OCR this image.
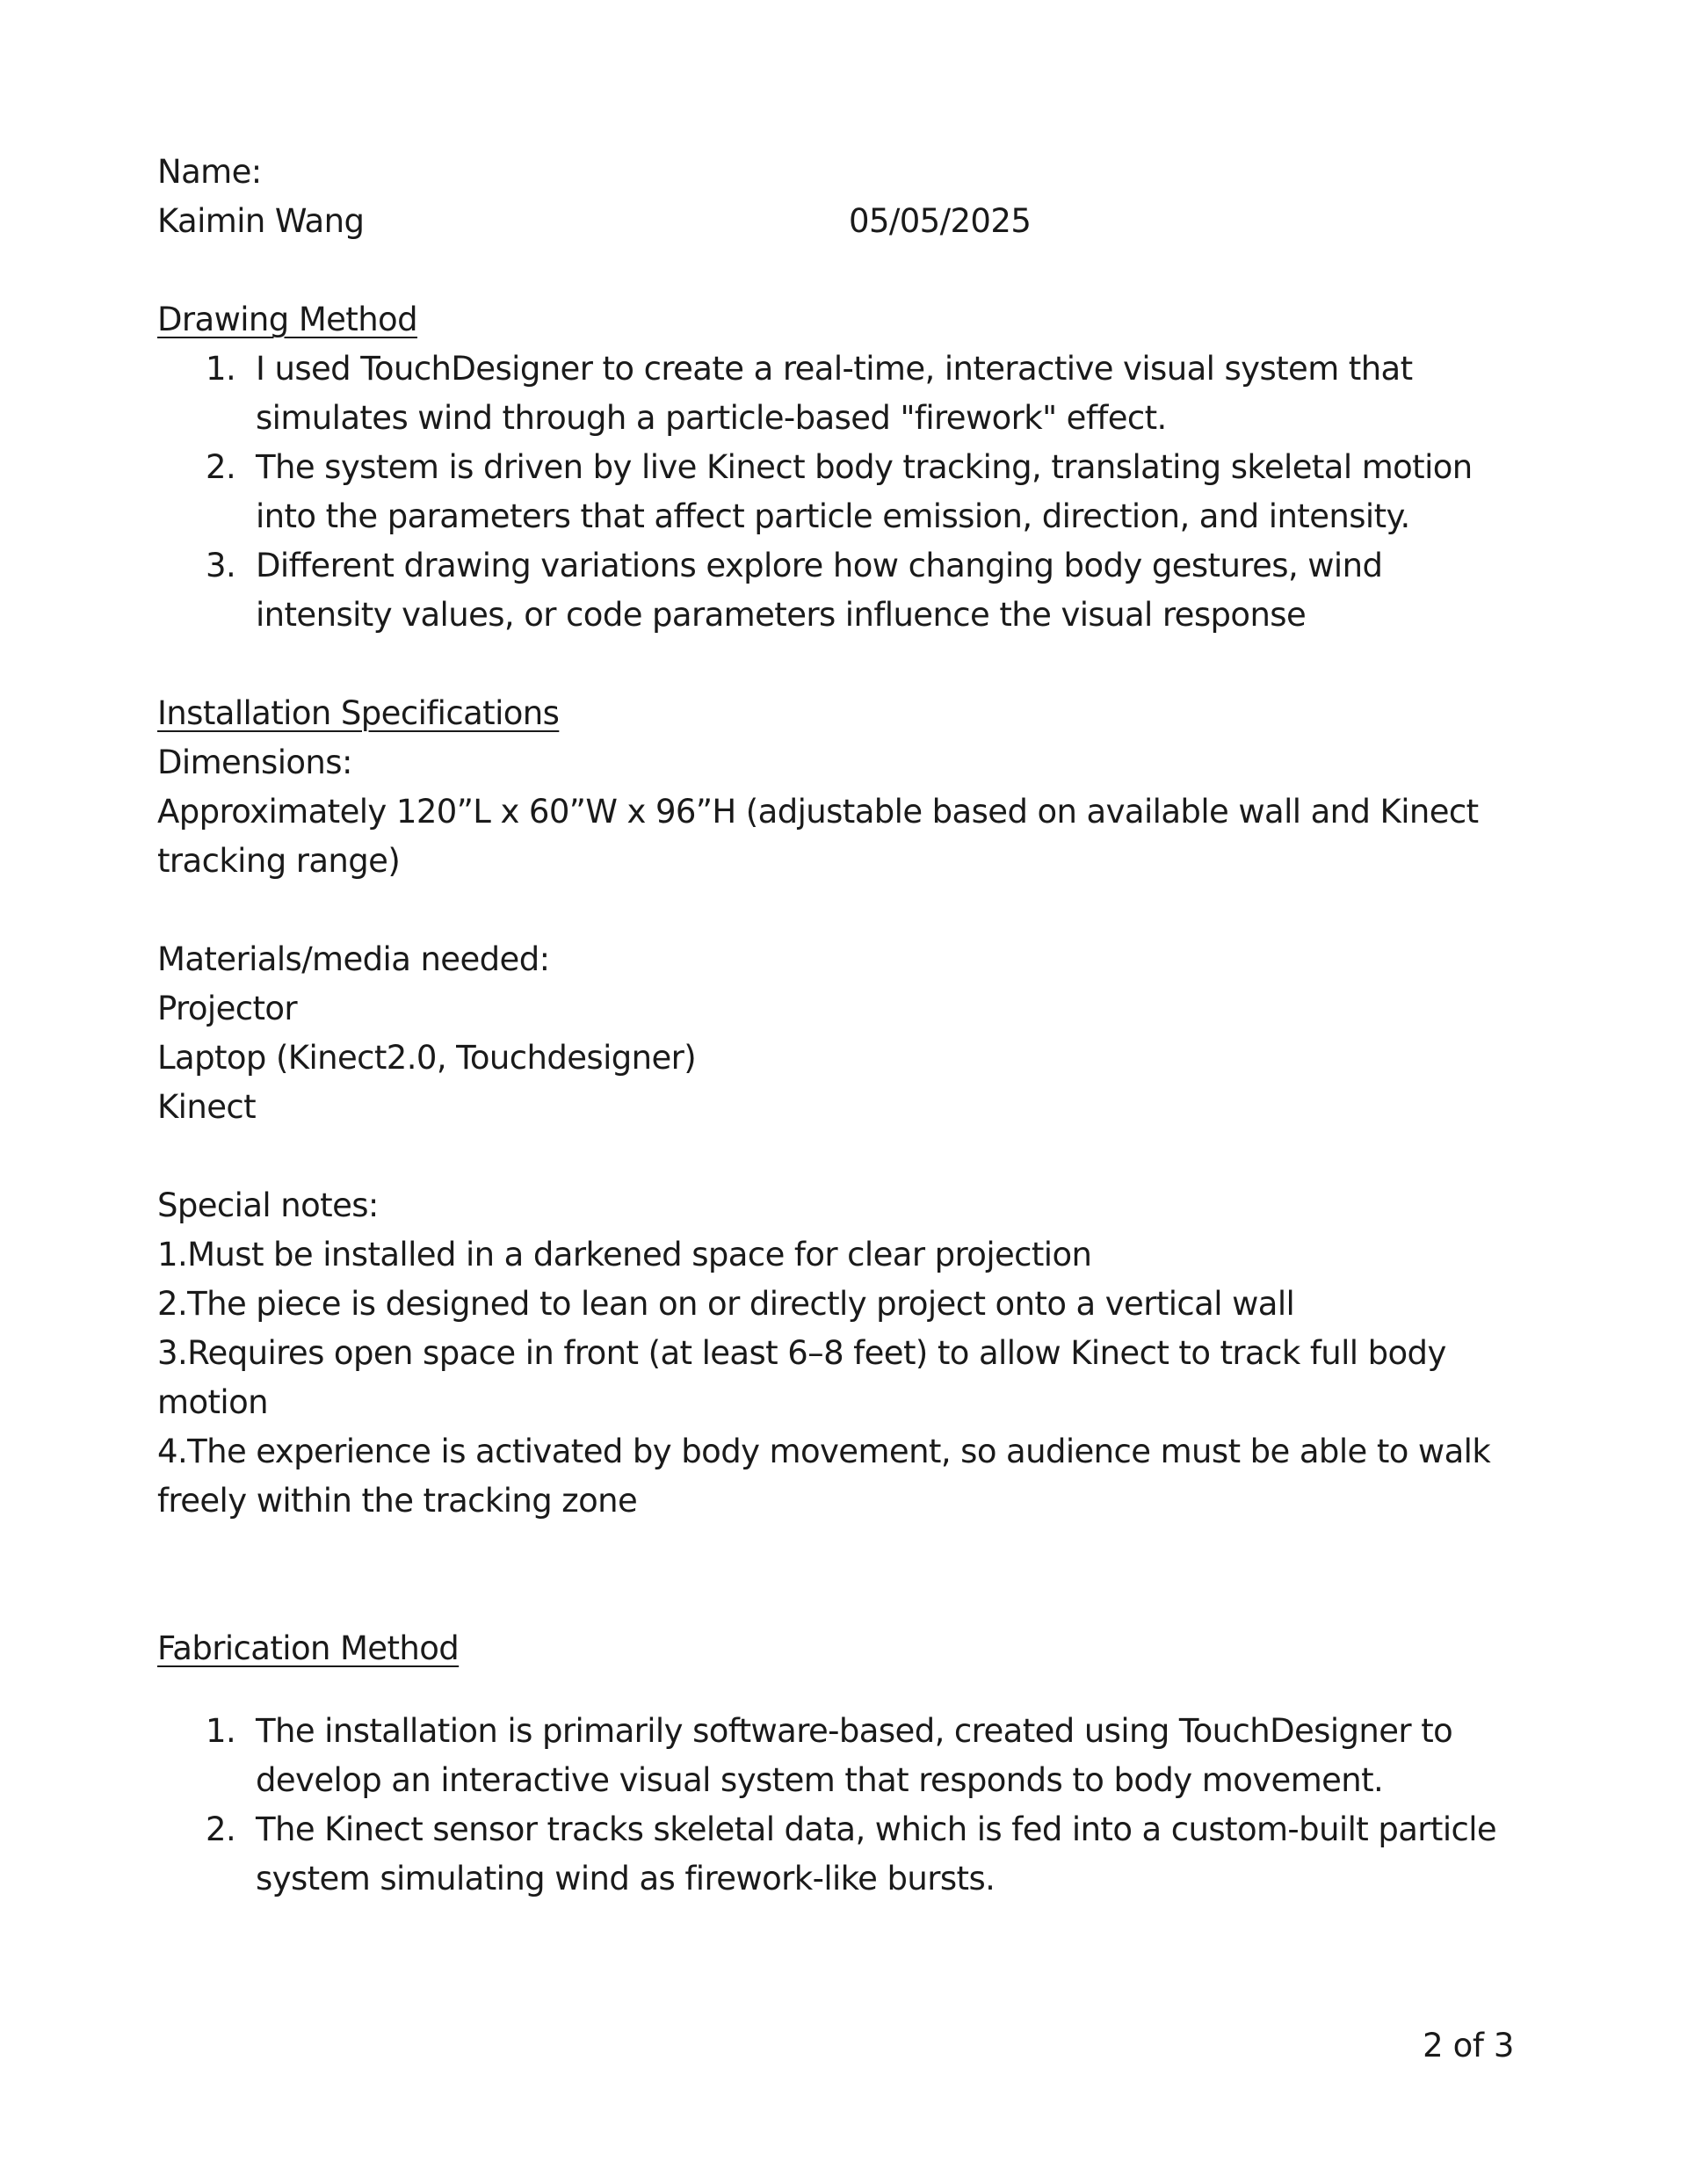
Name:
Kaimin Wang	05/05/2025
Drawing Method
1. I used TouchDesigner to create a real-time, interactive visual system that simulates wind through a particle-based "firework" effect.
2. The system is driven by live Kinect body tracking, translating skeletal motion into the parameters that affect particle emission, direction, and intensity.
3. Different drawing variations explore how changing body gestures, wind intensity values, or code parameters influence the visual response
Installation Specifications
Dimensions:
Approximately 120”L x 60”W x 96”H (adjustable based on available wall and Kinect tracking range)
Materials/media needed:
Projector
Laptop (Kinect2.0, Touchdesigner)
Kinect
Special notes:
1.Must be installed in a darkened space for clear projection
2.The piece is designed to lean on or directly project onto a vertical wall
3.Requires open space in front (at least 6–8 feet) to allow Kinect to track full body motion
4.The experience is activated by body movement, so audience must be able to walk freely within the tracking zone
Fabrication Method
1. The installation is primarily software-based, created using TouchDesigner to develop an interactive visual system that responds to body movement.
2. The Kinect sensor tracks skeletal data, which is fed into a custom-built particle system simulating wind as firework-like bursts.
2 of 3
